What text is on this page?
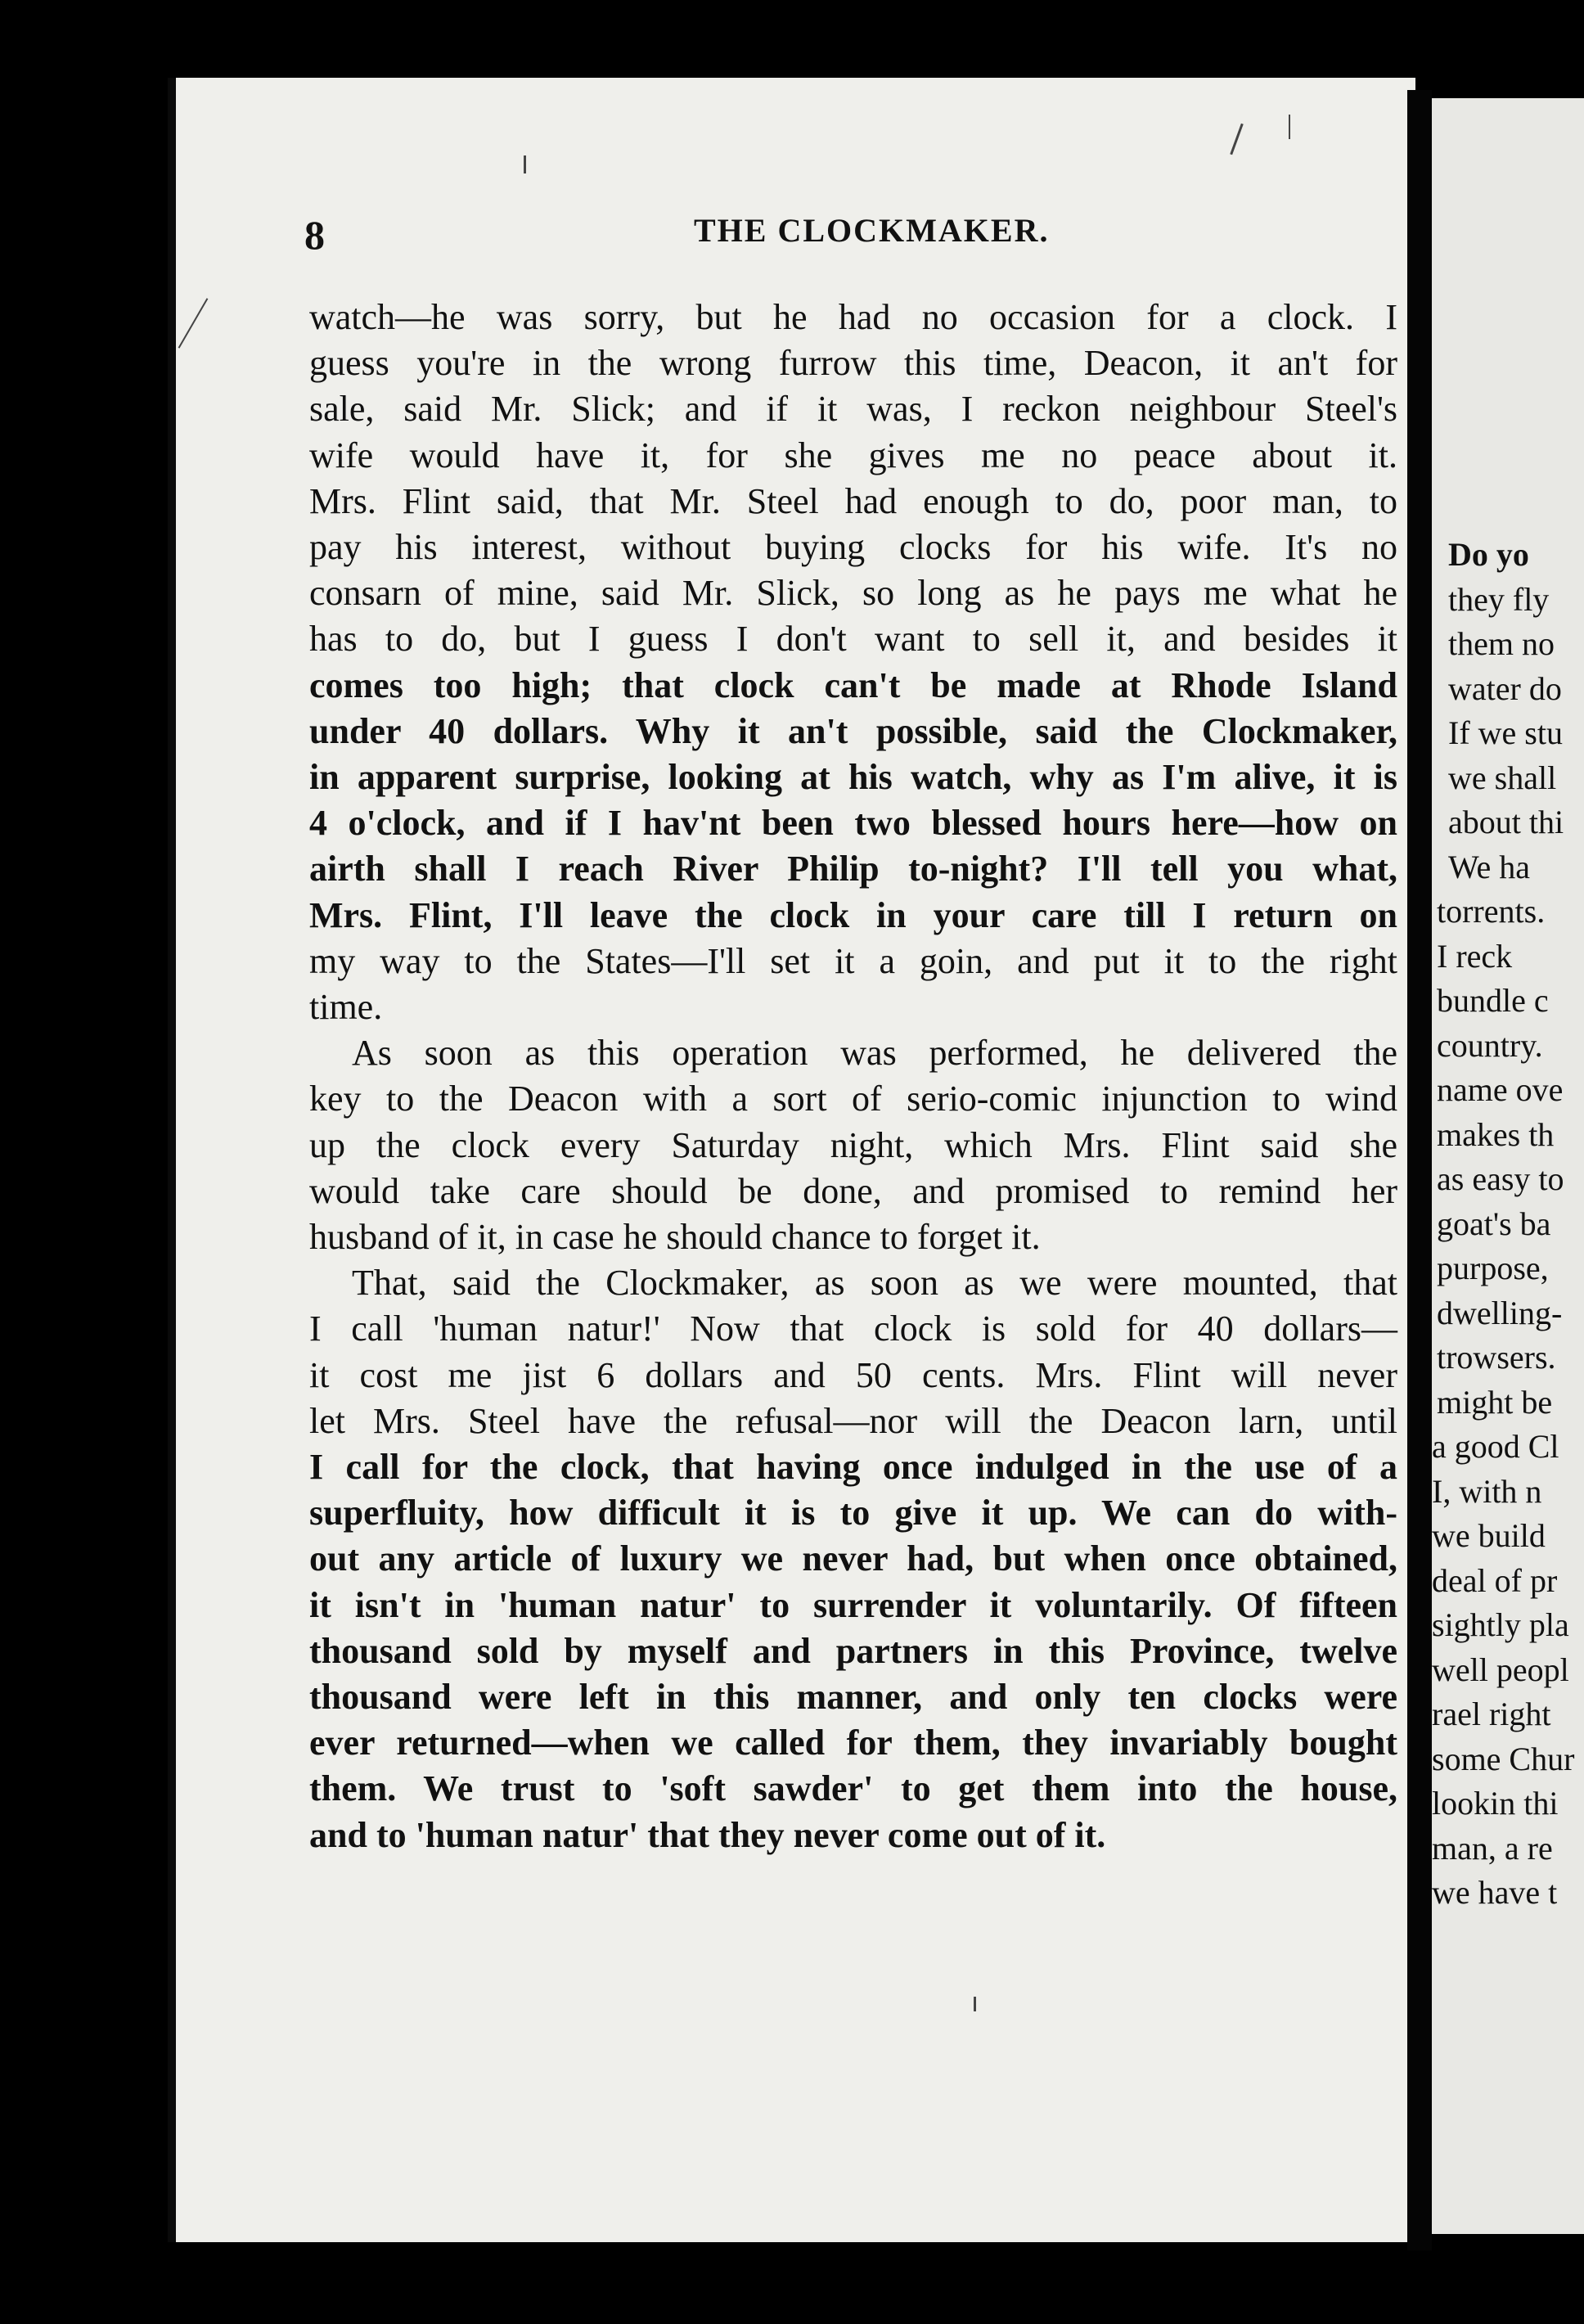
Do yo
they fly
them no
water do
If we stu
we shall
about thi
We ha
torrents.
I reck
bundle c
country.
name ove
makes th
as easy to
goat's ba
purpose,
dwelling-
trowsers.
might be
a good Cl
I, with n
we build
deal of pr
sightly pla
well peopl
rael right
some Chur
lookin thi
man, a re
we have t
8	THE CLOCKMAKER.
watch—he was sorry, but he had no occasion for a clock. I
guess you're in the wrong furrow this time, Deacon, it an't for
sale, said Mr. Slick; and if it was, I reckon neighbour Steel's
wife would have it, for she gives me no peace about it.
Mrs. Flint said, that Mr. Steel had enough to do, poor man, to
pay his interest, without buying clocks for his wife. It's no
consarn of mine, said Mr. Slick, so long as he pays me what he
has to do, but I guess I don't want to sell it, and besides it
comes too high; that clock can't be made at Rhode Island
under 40 dollars. Why it an't possible, said the Clockmaker,
in apparent surprise, looking at his watch, why as I'm alive, it is
4 o'clock, and if I hav'nt been two blessed hours here—how on
airth shall I reach River Philip to-night? I'll tell you what,
Mrs. Flint, I'll leave the clock in your care till I return on
my way to the States—I'll set it a goin, and put it to the right
time.
As soon as this operation was performed, he delivered the
key to the Deacon with a sort of serio-comic injunction to wind
up the clock every Saturday night, which Mrs. Flint said she
would take care should be done, and promised to remind her
husband of it, in case he should chance to forget it.
That, said the Clockmaker, as soon as we were mounted, that
I call 'human natur!' Now that clock is sold for 40 dollars—
it cost me jist 6 dollars and 50 cents. Mrs. Flint will never
let Mrs. Steel have the refusal—nor will the Deacon larn, until
I call for the clock, that having once indulged in the use of a
superfluity, how difficult it is to give it up. We can do with-
out any article of luxury we never had, but when once obtained,
it isn't in 'human natur' to surrender it voluntarily. Of fifteen
thousand sold by myself and partners in this Province, twelve
thousand were left in this manner, and only ten clocks were
ever returned—when we called for them, they invariably bought
them. We trust to 'soft sawder' to get them into the house,
and to 'human natur' that they never come out of it.
